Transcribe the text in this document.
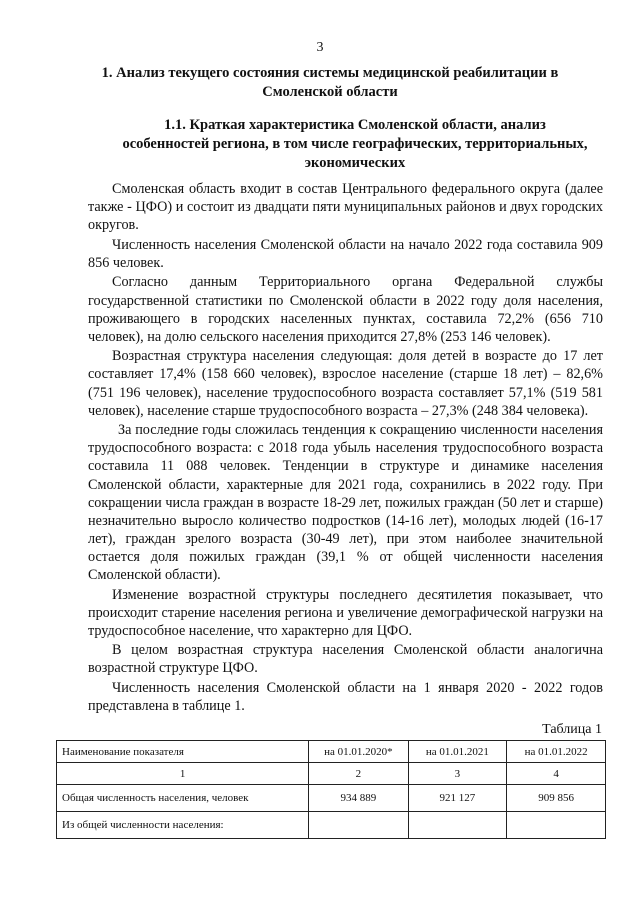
3
1. Анализ текущего состояния системы медицинской реабилитации в Смоленской области
1.1. Краткая характеристика Смоленской области, анализ особенностей региона, в том числе географических, территориальных, экономических

Смоленская область входит в состав Центрального федерального округа (далее также - ЦФО) и состоит из двадцати пяти муниципальных районов и двух городских округов.

Численность населения Смоленской области на начало 2022 года составила 909 856 человек.

Согласно данным Территориального органа Федеральной службы государственной статистики по Смоленской области в 2022 году доля населения, проживающего в городских населенных пунктах, составила 72,2% (656 710 человек), на долю сельского населения приходится 27,8% (253 146 человек).

Возрастная структура населения следующая: доля детей в возрасте до 17 лет составляет 17,4% (158 660 человек), взрослое население (старше 18 лет) – 82,6% (751 196 человек), население трудоспособного возраста составляет 57,1% (519 581 человек), население старше трудоспособного возраста – 27,3% (248 384 человека).

За последние годы сложилась тенденция к сокращению численности населения трудоспособного возраста: с 2018 года убыль населения трудоспособного возраста составила 11 088 человек. Тенденции в структуре и динамике населения Смоленской области, характерные для 2021 года, сохранились в 2022 году. При сокращении числа граждан в возрасте 18-29 лет, пожилых граждан (50 лет и старше) незначительно выросло количество подростков (14-16 лет), молодых людей (16-17 лет), граждан зрелого возраста (30-49 лет), при этом наиболее значительной остается доля пожилых граждан (39,1 % от общей численности населения Смоленской области).

Изменение возрастной структуры последнего десятилетия показывает, что происходит старение населения региона и увеличение демографической нагрузки на трудоспособное население, что характерно для ЦФО.

В целом возрастная структура населения Смоленской области аналогична возрастной структуре ЦФО.

Численность населения Смоленской области на 1 января 2020 - 2022 годов представлена в таблице 1.

Таблица 1
Наименование показателя	на 01.01.2020*	на 01.01.2021	на 01.01.2022
1	2	3	4
Общая численность населения, человек	934 889	921 127	909 856
Из общей численности населения:			
